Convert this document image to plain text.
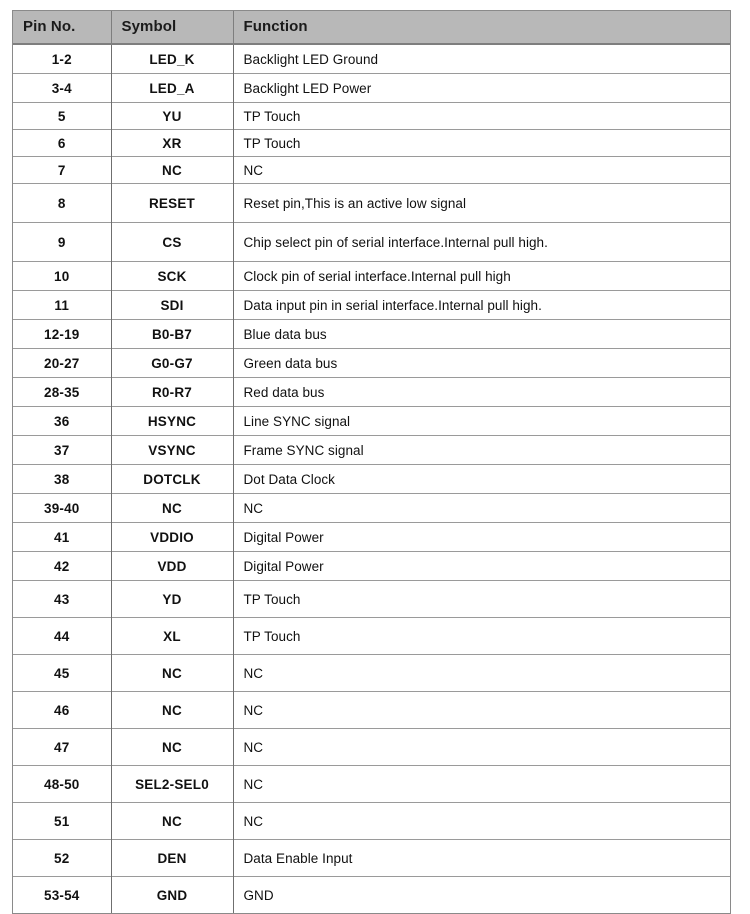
Pin No.	Symbol	Function
1-2	LED_K	Backlight LED Ground
3-4	LED_A	Backlight LED Power
5	YU	TP Touch
6	XR	TP Touch
7	NC	NC
8	RESET	Reset pin,This is an active low signal
9	CS	Chip select pin of serial interface.Internal pull high.
10	SCK	Clock pin of serial interface.Internal pull high
11	SDI	Data input pin in serial interface.Internal pull high.
12-19	B0-B7	Blue data bus
20-27	G0-G7	Green data bus
28-35	R0-R7	Red data bus
36	HSYNC	Line SYNC signal
37	VSYNC	Frame SYNC signal
38	DOTCLK	Dot Data Clock
39-40	NC	NC
41	VDDIO	Digital Power
42	VDD	Digital Power
43	YD	TP Touch
44	XL	TP Touch
45	NC	NC
46	NC	NC
47	NC	NC
48-50	SEL2-SEL0	NC
51	NC	NC
52	DEN	Data Enable Input
53-54	GND	GND
